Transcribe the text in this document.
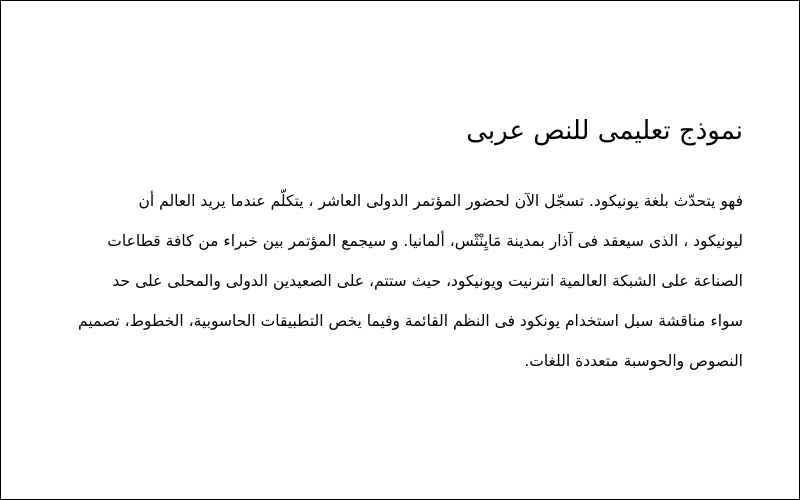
نموذج تعليمى للنص عربى
فهو يتحدّث بلغة يونيكود. تسجّل الآن لحضور المؤتمر الدولى العاشر ، يتكلّم عندما يريد العالم أن
ليونيكود ، الذى سيعقد فى آذار بمدينة مَايِنْتْس، ألمانيا. و سيجمع المؤتمر بين خبراء من كافة قطاعات
الصناعة على الشبكة العالمية انترنيت ويونيكود، حيث ستتم، على الصعيدين الدولى والمحلى على حد
سواء مناقشة سبل استخدام يونكود فى النظم القائمة وفيما يخص التطبيقات الحاسوبية، الخطوط، تصميم
النصوص والحوسبة متعددة اللغات.
